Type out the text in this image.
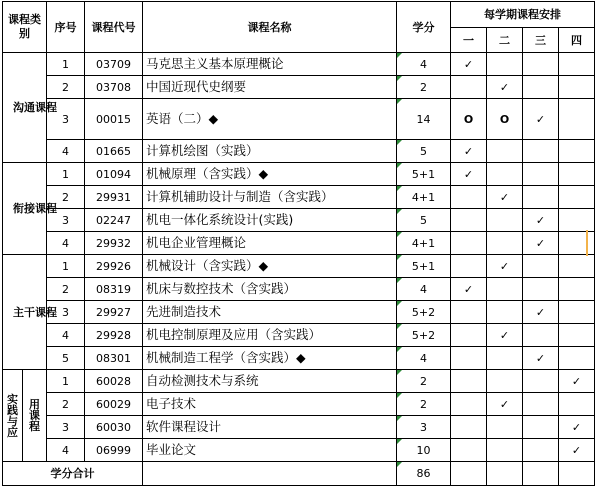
课程类别		序号	课程代号	课程名称	学分	每学期课程安排			
						一	二	三	四
沟通课程		1	03709	马克思主义基本原理概论	4	✓			
		2	03708	中国近现代史纲要	2		✓		
		3	00015	英语（二）◆	14	O	O	✓	
		4	01665	计算机绘图（实践）	5	✓			
衔接课程		1	01094	机械原理（含实践）◆	5+1	✓			
		2	29931	计算机辅助设计与制造（含实践）	4+1		✓		
		3	02247	机电一体化系统设计(实践)	5			✓	
		4	29932	机电企业管理概论	4+1			✓	
主干课程		1	29926	机械设计（含实践）◆	5+1		✓		
		2	08319	机床与数控技术（含实践）	4	✓			
		3	29927	先进制造技术	5+2			✓	
		4	29928	机电控制原理及应用（含实践）	5+2		✓		
		5	08301	机械制造工程学（含实践）◆	4			✓	
实践与应	用课程	1	60028	自动检测技术与系统	2				✓
		2	60029	电子技术	2		✓		
		3	60030	软件课程设计	3				✓
		4	06999	毕业论文	10				✓
学分合计					86				
